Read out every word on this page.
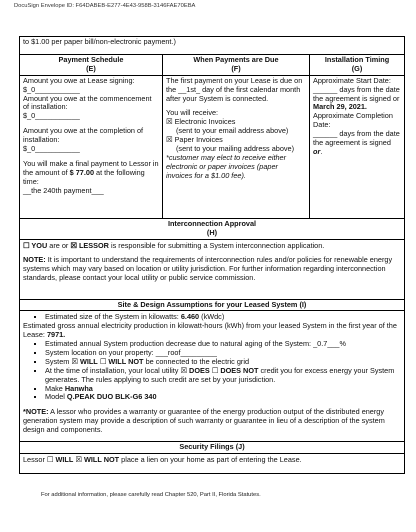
DocuSign Envelope ID: F64DABEB-E277-4E43-958B-3146FAE70EBA
to $1.00 per paper bill/non-electronic payment.)
Payment Schedule
(E)
When Payments are Due
(F)
Installation Timing
(G)

Amount you owe at Lease signing:

$_0___________

Amount you owe at the commencement of installation:

$_0___________

Amount you owe at the completion of installation:

$_0___________

You will make a final payment to Lessor in the amount of $ 77.00 at the following time:

__the 240th payment___

The first payment on your Lease is due on the __1st_ day of the first calendar month after your System is connected.

You will receive:

☒ Electronic Invoices

(sent to your email address above)

☒ Paper Invoices

(sent to your mailing address above)

*customer may elect to receive either electronic or paper invoices (paper invoices for a $1.00 fee).

Approximate Start Date:

______ days from the date the agreement is signed or March 29, 2021.

Approximate Completion Date:

______ days from the date the agreement is signed or.

Interconnection Approval
(H)

☐ YOU are or ☒ LESSOR is responsible for submitting a System interconnection application.

NOTE: It is important to understand the requirements of interconnection rules and/or policies for renewable energy systems which may vary based on location or utility jurisdiction. For further information regarding interconnection standards, please contact your local utility or public service commission.

Site & Design Assumptions for your Leased System (I)
▪ Estimated size of the System in kilowatts: 6.460 (kWdc)

Estimated gross annual electricity production in kilowatt-hours (kWh) from your leased System in the first year of the Lease: 7971.

▪ Estimated annual System production decrease due to natural aging of the System: _0.7___%
▪ System location on your property: ___roof_________
▪ System ☒ WILL ☐ WILL NOT be connected to the electric grid
▪ At the time of installation, your local utility ☒ DOES ☐ DOES NOT credit you for excess energy your System generates. The rules applying to such credit are set by your jurisdiction.
▪ Make Hanwha
▪ Model Q.PEAK DUO BLK-G6 340

*NOTE: A lessor who provides a warranty or guarantee of the energy production output of the distributed energy generation system may provide a description of such warranty or guarantee in lieu of a description of the system design and components.

Security Filings (J)
Lessor ☐ WILL ☒ WILL NOT place a lien on your home as part of entering the Lease.
For additional information, please carefully read Chapter 520, Part II, Florida Statutes.
